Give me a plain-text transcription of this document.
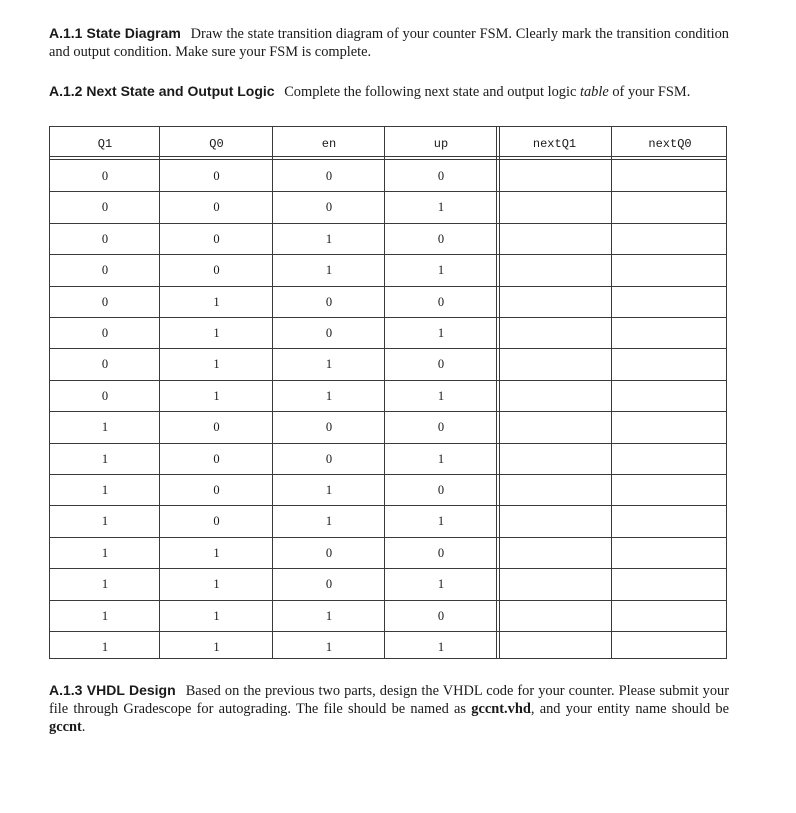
A.1.1 State Diagram Draw the state transition diagram of your counter FSM. Clearly mark the transition condition and output condition. Make sure your FSM is complete.
A.1.2 Next State and Output Logic Complete the following next state and output logic table of your FSM.
Q1	Q0	en	up	nextQ1	nextQ0
0	0	0	0
0	0	0	1
0	0	1	0
0	0	1	1
0	1	0	0
0	1	0	1
0	1	1	0
0	1	1	1
1	0	0	0
1	0	0	1
1	0	1	0
1	0	1	1
1	1	0	0
1	1	0	1
1	1	1	0
1	1	1	1
A.1.3 VHDL Design Based on the previous two parts, design the VHDL code for your counter. Please submit your file through Gradescope for autograding. The file should be named as gccnt.vhd, and your entity name should be gccnt.
